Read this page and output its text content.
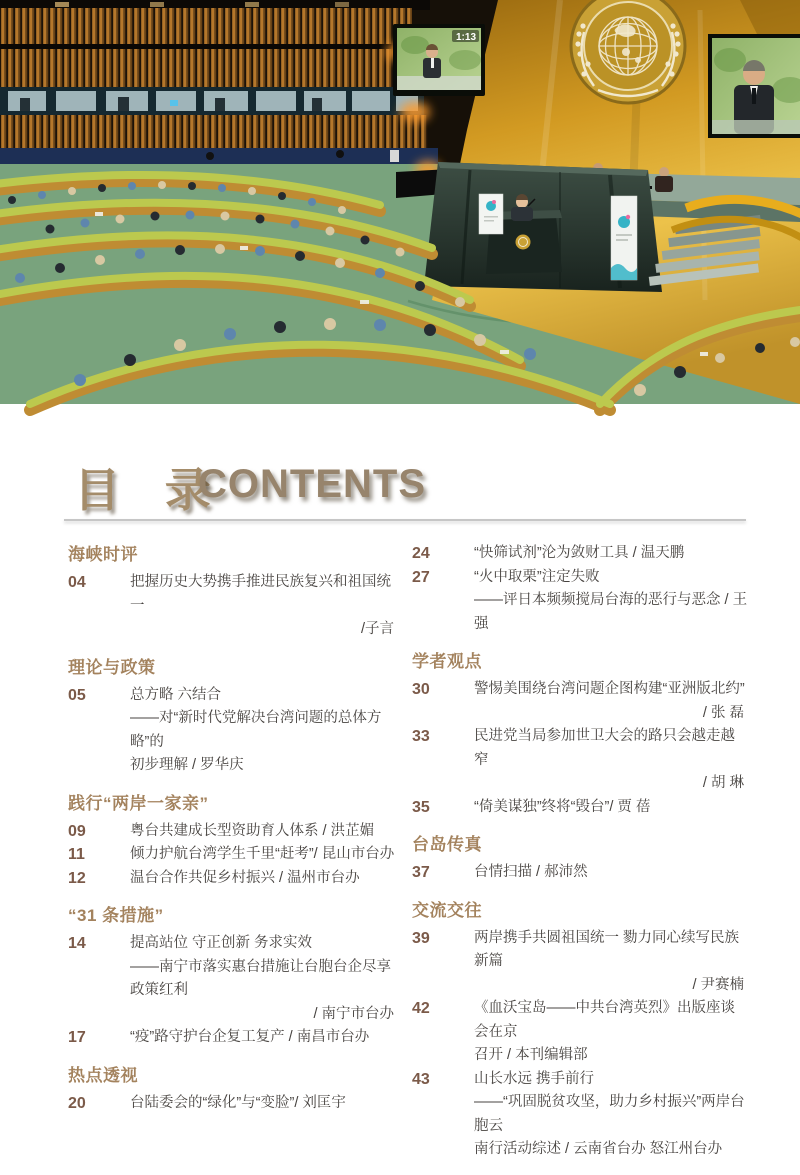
1:13
目 录
CONTENTS
海峡时评
04	把握历史大势携手推进民族复兴和祖国统一
/子言
理论与政策
05	总方略 六结合
——对“新时代党解决台湾问题的总体方略”的
初步理解 / 罗华庆
践行“两岸一家亲”
09	粤台共建成长型资助育人体系 / 洪芷媚
11	倾力护航台湾学生千里“赶考”/ 昆山市台办
12	温台合作共促乡村振兴 / 温州市台办
“31 条措施”
14	提高站位 守正创新 务求实效
——南宁市落实惠台措施让台胞台企尽享政策红利
/ 南宁市台办
17	“疫”路守护台企复工复产 / 南昌市台办
热点透视
20	台陆委会的“绿化”与“变脸”/ 刘匡宇
24	“快筛试剂”沦为敛财工具 / 温天鹏
27	“火中取栗”注定失败
——评日本频频搅局台海的恶行与恶念 / 王 强
学者观点
30	警惕美围绕台湾问题企图构建“亚洲版北约”
/ 张 磊
33	民进党当局参加世卫大会的路只会越走越窄
/ 胡 琳
35	“倚美谋独”终将“毁台”/ 贾 蓓
台岛传真
37	台情扫描 / 郝沛然
交流交往
39	两岸携手共圆祖国统一 勠力同心续写民族新篇
/ 尹赛楠
42	《血沃宝岛——中共台湾英烈》出版座谈会在京
召开 / 本刊编辑部
43	山长水远 携手前行
——“巩固脱贫攻坚，助力乡村振兴”两岸台胞云
南行活动综述 / 云南省台办 怒江州台办
